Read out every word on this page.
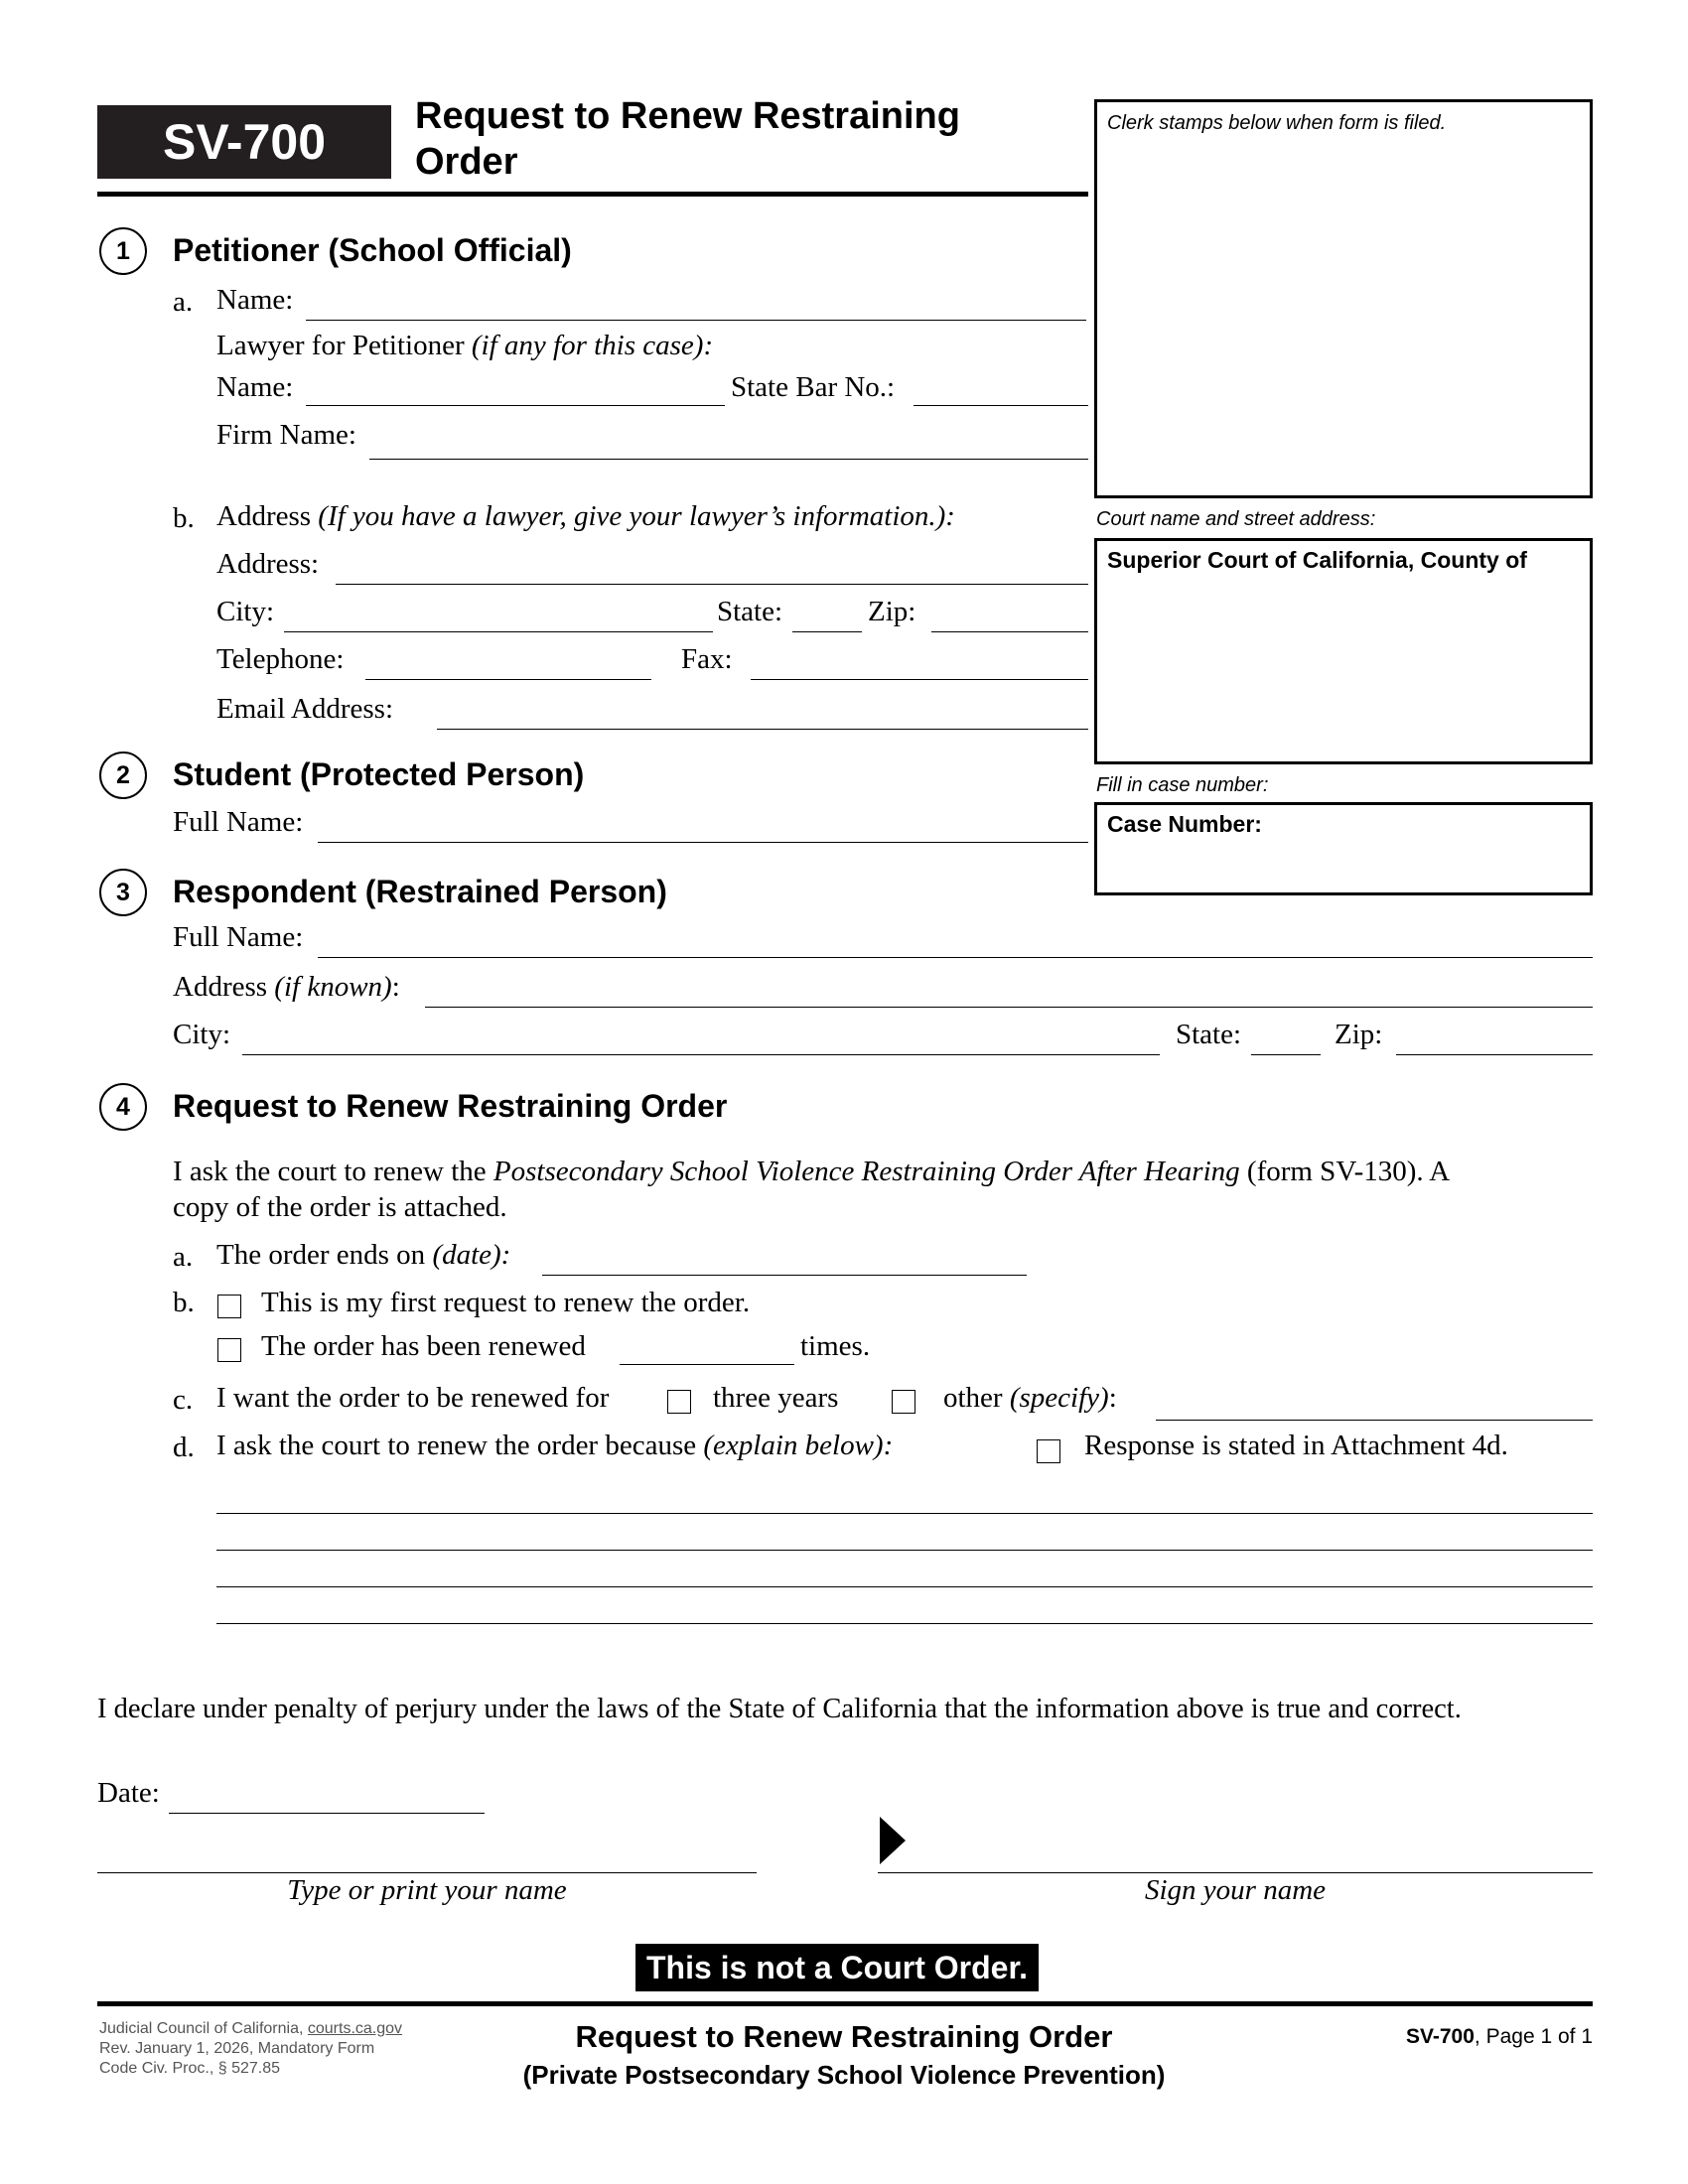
SV-700 Request to Renew Restraining Order
Clerk stamps below when form is filed.
Court name and street address:
Superior Court of California, County of
Fill in case number:
Case Number:
1	Petitioner (School Official)
a. Name:
Lawyer for Petitioner (if any for this case):
Name:	State Bar No.:
Firm Name:
b. Address (If you have a lawyer, give your lawyer’s information.):
Address:
City:	State:	Zip:
Telephone:	Fax:
Email Address:
2	Student (Protected Person)
Full Name:
3	Respondent (Restrained Person)
Full Name:
Address (if known):
City:	State:	Zip:
4	Request to Renew Restraining Order
I ask the court to renew the Postsecondary School Violence Restraining Order After Hearing (form SV-130). A
copy of the order is attached.
a. The order ends on (date):
b. This is my first request to renew the order.
The order has been renewed	times.
c. I want the order to be renewed for	three years	other (specify):
d. I ask the court to renew the order because (explain below):	Response is stated in Attachment 4d.
I declare under penalty of perjury under the laws of the State of California that the information above is true and correct.
Date:
Type or print your name	Sign your name
This is not a Court Order.
Judicial Council of California, courts.ca.gov
Rev. January 1, 2026, Mandatory Form
Code Civ. Proc., § 527.85
Request to Renew Restraining Order
(Private Postsecondary School Violence Prevention)
SV-700, Page 1 of 1
